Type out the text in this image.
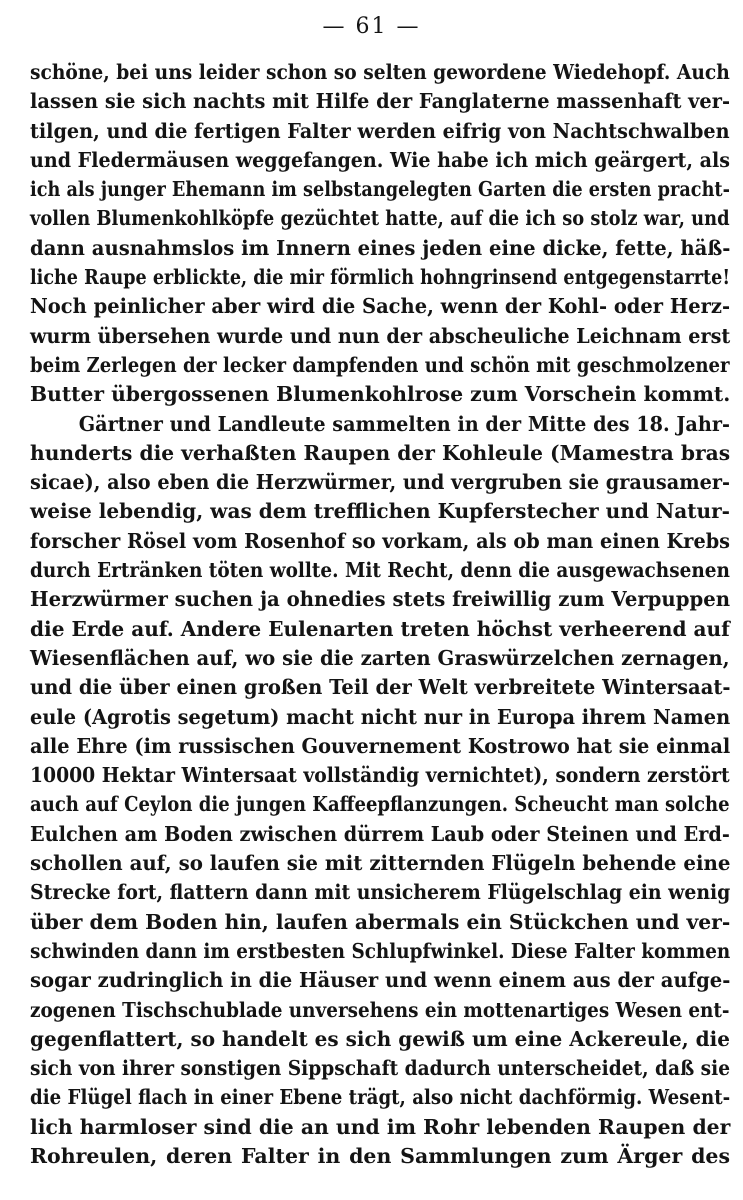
— 61 —
schöne, bei uns leider schon so selten gewordene Wiedehopf. Auch
lassen sie sich nachts mit Hilfe der Fanglaterne massenhaft ver-
tilgen, und die fertigen Falter werden eifrig von Nachtschwalben
und Fledermäusen weggefangen. Wie habe ich mich geärgert, als
ich als junger Ehemann im selbstangelegten Garten die ersten pracht-
vollen Blumenkohlköpfe gezüchtet hatte, auf die ich so stolz war, und
dann ausnahmslos im Innern eines jeden eine dicke, fette, häß-
liche Raupe erblickte, die mir förmlich hohngrinsend entgegenstarrte!
Noch peinlicher aber wird die Sache, wenn der Kohl- oder Herz-
wurm übersehen wurde und nun der abscheuliche Leichnam erst
beim Zerlegen der lecker dampfenden und schön mit geschmolzener
Butter übergossenen Blumenkohlrose zum Vorschein kommt.
Gärtner und Landleute sammelten in der Mitte des 18. Jahr-
hunderts die verhaßten Raupen der Kohleule (Mamestra bras
sicae), also eben die Herzwürmer, und vergruben sie grausamer-
weise lebendig, was dem trefflichen Kupferstecher und Natur-
forscher Rösel vom Rosenhof so vorkam, als ob man einen Krebs
durch Ertränken töten wollte. Mit Recht, denn die ausgewachsenen
Herzwürmer suchen ja ohnedies stets freiwillig zum Verpuppen
die Erde auf. Andere Eulenarten treten höchst verheerend auf
Wiesenflächen auf, wo sie die zarten Graswürzelchen zernagen,
und die über einen großen Teil der Welt verbreitete Wintersaat-
eule (Agrotis segetum) macht nicht nur in Europa ihrem Namen
alle Ehre (im russischen Gouvernement Kostrowo hat sie einmal
10000 Hektar Wintersaat vollständig vernichtet), sondern zerstört
auch auf Ceylon die jungen Kaffeepflanzungen. Scheucht man solche
Eulchen am Boden zwischen dürrem Laub oder Steinen und Erd-
schollen auf, so laufen sie mit zitternden Flügeln behende eine
Strecke fort, flattern dann mit unsicherem Flügelschlag ein wenig
über dem Boden hin, laufen abermals ein Stückchen und ver-
schwinden dann im erstbesten Schlupfwinkel. Diese Falter kommen
sogar zudringlich in die Häuser und wenn einem aus der aufge-
zogenen Tischschublade unversehens ein mottenartiges Wesen ent-
gegenflattert, so handelt es sich gewiß um eine Ackereule, die
sich von ihrer sonstigen Sippschaft dadurch unterscheidet, daß sie
die Flügel flach in einer Ebene trägt, also nicht dachförmig. Wesent-
lich harmloser sind die an und im Rohr lebenden Raupen der
Rohreulen, deren Falter in den Sammlungen zum Ärger des
